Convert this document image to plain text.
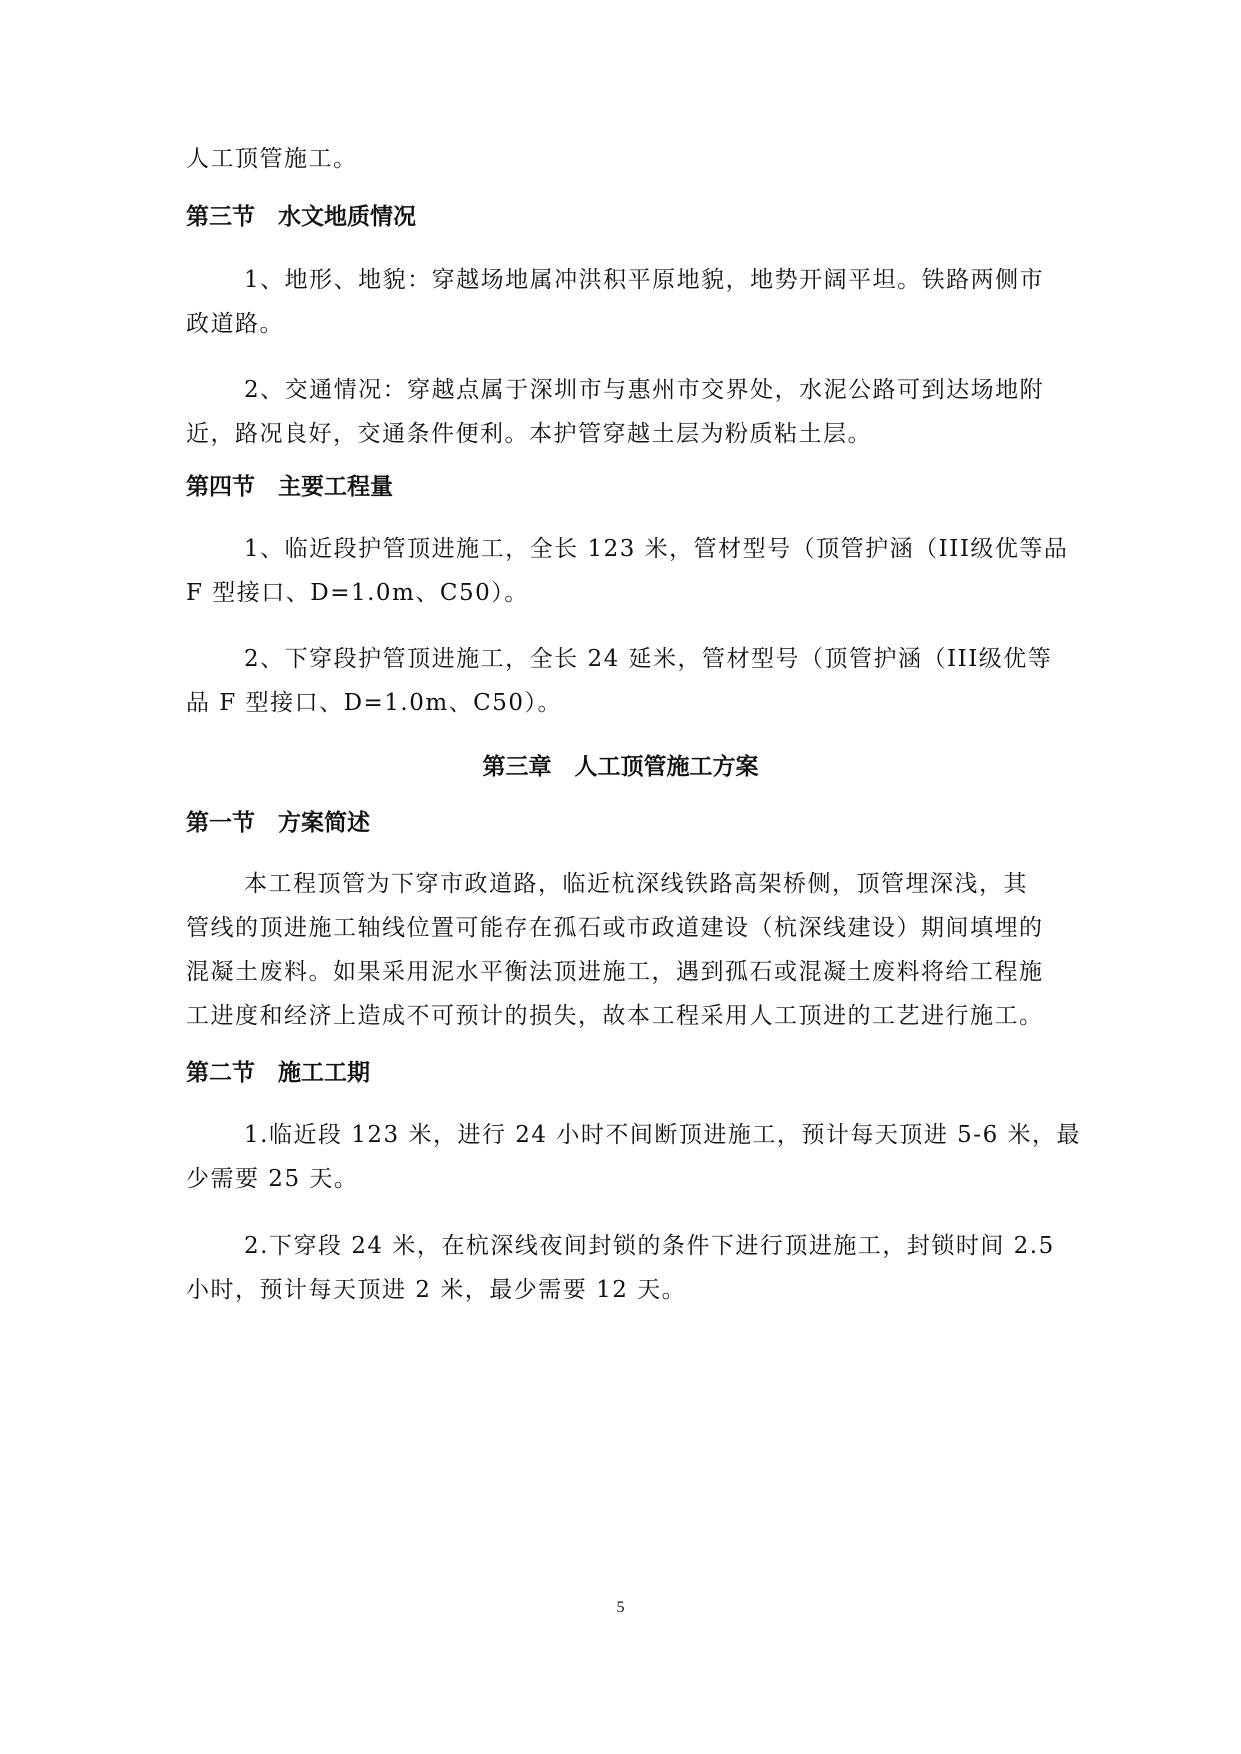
人工顶管施工。

第三节　水文地质情况

1、地形、地貌：穿越场地属冲洪积平原地貌，地势开阔平坦。铁路两侧市
政道路。

2、交通情况：穿越点属于深圳市与惠州市交界处，水泥公路可到达场地附
近，路况良好，交通条件便利。本护管穿越土层为粉质粘土层。

第四节　主要工程量

1、临近段护管顶进施工，全长 123 米，管材型号（顶管护涵（III级优等品
F 型接口、D=1.0m、C50）。

2、下穿段护管顶进施工，全长 24 延米，管材型号（顶管护涵（III级优等
品 F 型接口、D=1.0m、C50）。

第三章　人工顶管施工方案
第一节　方案简述

本工程顶管为下穿市政道路，临近杭深线铁路高架桥侧，顶管埋深浅，其
管线的顶进施工轴线位置可能存在孤石或市政道建设（杭深线建设）期间填埋的
混凝土废料。如果采用泥水平衡法顶进施工，遇到孤石或混凝土废料将给工程施
工进度和经济上造成不可预计的损失，故本工程采用人工顶进的工艺进行施工。

第二节　施工工期

1.临近段 123 米，进行 24 小时不间断顶进施工，预计每天顶进 5-6 米，最
少需要 25 天。

2.下穿段 24 米，在杭深线夜间封锁的条件下进行顶进施工，封锁时间 2.5
小时，预计每天顶进 2 米，最少需要 12 天。

5
